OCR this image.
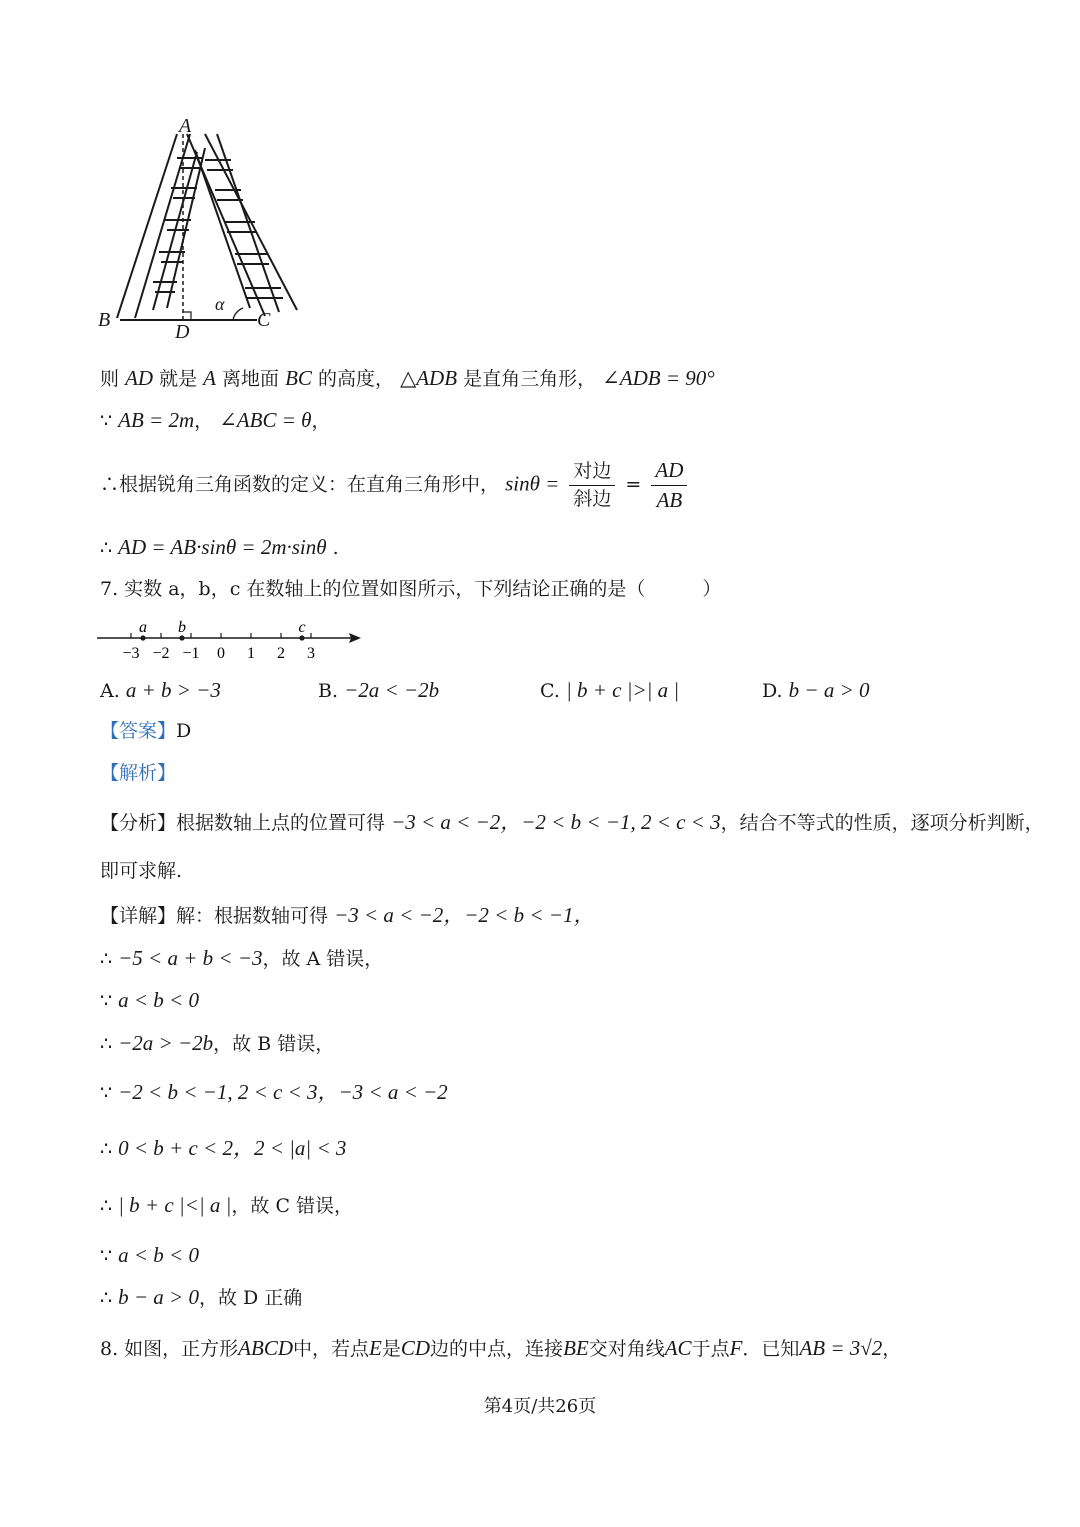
A
B	C
D
α
则 AD 就是 A 离地面 BC 的高度， △ADB 是直角三角形， ∠ADB = 90°
∵ AB = 2m， ∠ABC = θ，
∴根据锐角三角函数的定义：在直角三角形中， $\sin\theta = \frac{\text{对边}}{\text{斜边}} = \frac{AD}{AB}$
∴ AD = AB·sinθ = 2m·sinθ .
7. 实数 a，b，c 在数轴上的位置如图所示，下列结论正确的是（　　　）
−3 −2 −1 0 1 2 3
a b	c
A. a + b > −3	B. −2a < −2b	C. | b + c |>| a |	D. b − a > 0
【答案】D
【解析】
【分析】根据数轴上点的位置可得 −3 < a < −2，−2 < b < −1, 2 < c < 3，结合不等式的性质，逐项分析判断，
即可求解.
【详解】解：根据数轴可得 −3 < a < −2，−2 < b < −1，
∴ −5 < a + b < −3，故 A 错误，
∵ a < b < 0
∴ −2a > −2b，故 B 错误，
∵ −2 < b < −1, 2 < c < 3，−3 < a < −2
∴ 0 < b + c < 2，2 < |a| < 3
∴ | b + c |<| a |，故 C 错误，
∵ a < b < 0
∴ b − a > 0，故 D 正确
8. 如图，正方形ABCD中，若点E是CD边的中点，连接BE交对角线AC于点F．已知AB = 3√2，
第4页/共26页
